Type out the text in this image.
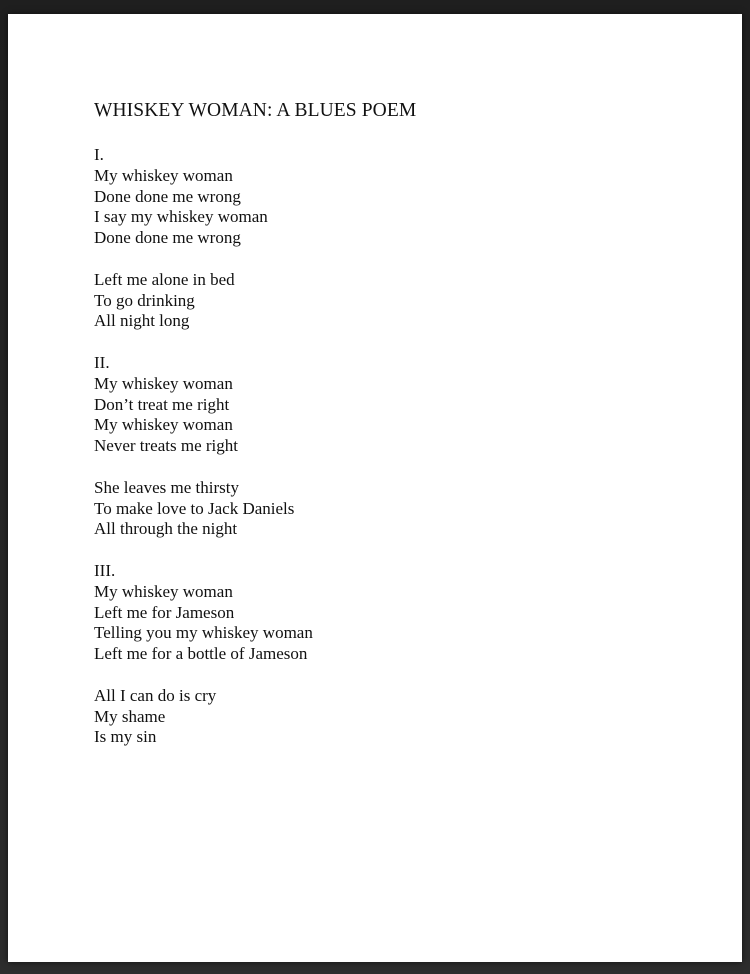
WHISKEY WOMAN: A BLUES POEM
I.
My whiskey woman
Done done me wrong
I say my whiskey woman
Done done me wrong
Left me alone in bed
To go drinking
All night long
II.
My whiskey woman
Don’t treat me right
My whiskey woman
Never treats me right
She leaves me thirsty
To make love to Jack Daniels
All through the night
III.
My whiskey woman
Left me for Jameson
Telling you my whiskey woman
Left me for a bottle of Jameson
All I can do is cry
My shame
Is my sin
